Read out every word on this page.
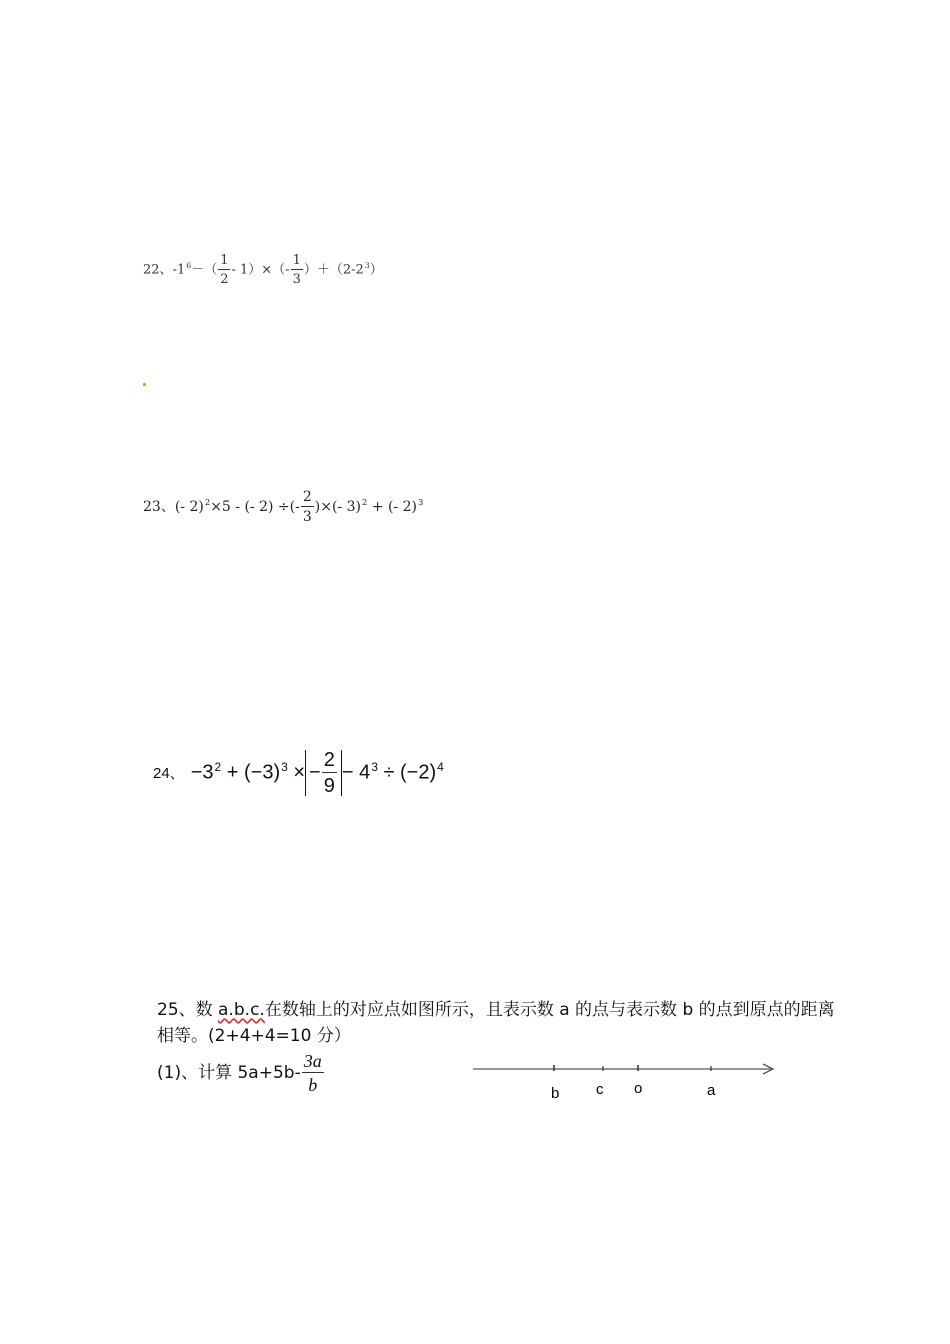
22、$-1^6-( \frac{1}{2} - 1)\times(- \frac{1}{3} )+(2-2^3)$
23、(- 2)$^2$×5 - (- 2) ÷(- $\frac{2}{3}$ )×(- 3)$^2$ + (- 2)$^3$
24、 $-3^2 + (-3)^3$ × − $\frac{2}{9} - 4^3 \div (-2)^4$
25、数 a.b.c.在数轴上的对应点如图所示，且表示数 a 的点与表示数 b 的点到原点的距离相等。(2+4+4=10 分）
(1)、计算 $5a+5b- \frac{3a}{b}$	b c o	a
